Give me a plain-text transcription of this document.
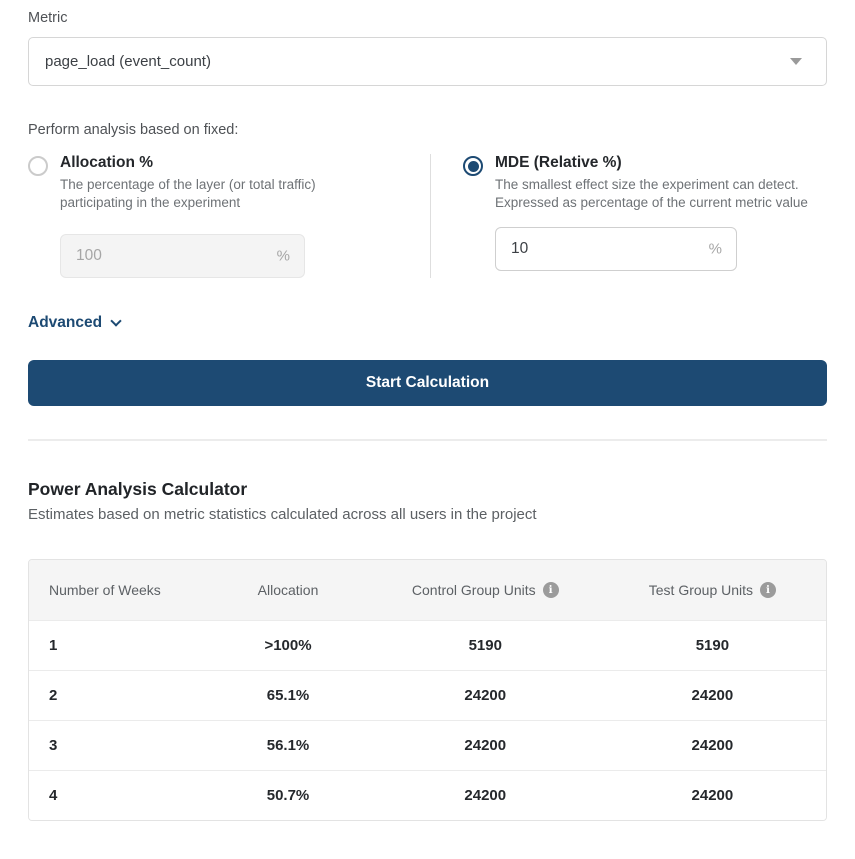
Metric
page_load (event_count)
Perform analysis based on fixed:
Allocation %
The percentage of the layer (or total traffic) participating in the experiment
100
%
MDE (Relative %)
The smallest effect size the experiment can detect. Expressed as percentage of the current metric value
10
%
Advanced
Start Calculation
Power Analysis Calculator
Estimates based on metric statistics calculated across all users in the project
Number of Weeks	Allocation	Control Group Units	i	Test Group Units	i
1	>100%	5190	5190
2	65.1%	24200	24200
3	56.1%	24200	24200
4	50.7%	24200	24200
